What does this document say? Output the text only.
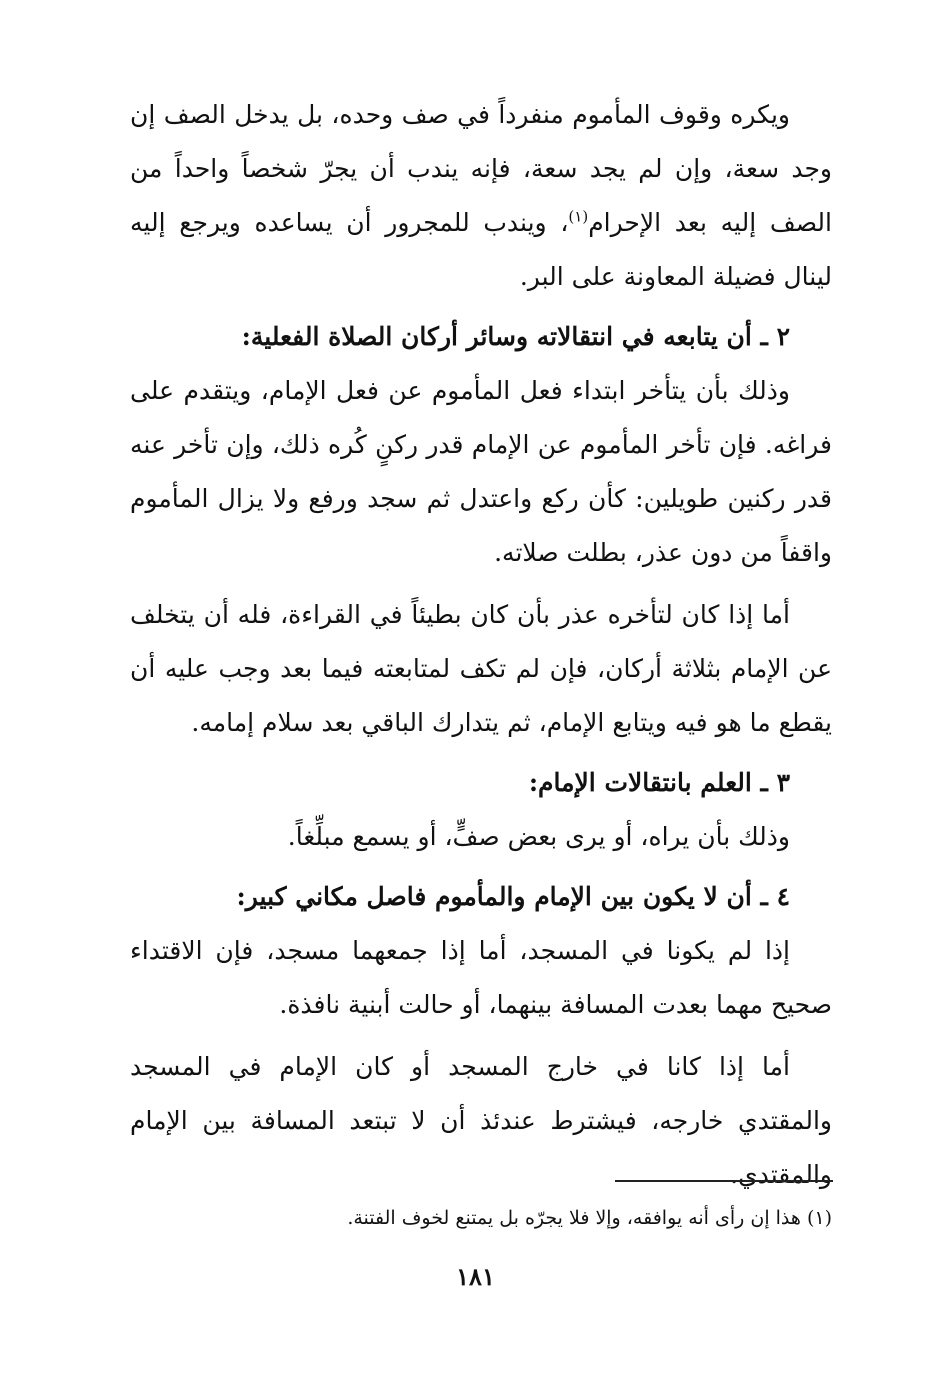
ويكره وقوف المأموم منفرداً في صف وحده، بل يدخل الصف إن وجد سعة، وإن لم يجد سعة، فإنه يندب أن يجرّ شخصاً واحداً من الصف إليه بعد الإحرام$^{(١)}$، ويندب للمجرور أن يساعده ويرجع إليه لينال فضيلة المعاونة على البر.

٢ ـ أن يتابعه في انتقالاته وسائر أركان الصلاة الفعلية:

وذلك بأن يتأخر ابتداء فعل المأموم عن فعل الإمام، ويتقدم على فراغه. فإن تأخر المأموم عن الإمام قدر ركنٍ كُره ذلك، وإن تأخر عنه قدر ركنين طويلين: كأن ركع واعتدل ثم سجد ورفع ولا يزال المأموم واقفاً من دون عذر، بطلت صلاته.

أما إذا كان لتأخره عذر بأن كان بطيئاً في القراءة، فله أن يتخلف عن الإمام بثلاثة أركان، فإن لم تكف لمتابعته فيما بعد وجب عليه أن يقطع ما هو فيه ويتابع الإمام، ثم يتدارك الباقي بعد سلام إمامه.

٣ ـ العلم بانتقالات الإمام:

وذلك بأن يراه، أو يرى بعض صفٍّ، أو يسمع مبلِّغاً.

٤ ـ أن لا يكون بين الإمام والمأموم فاصل مكاني كبير:

إذا لم يكونا في المسجد، أما إذا جمعهما مسجد، فإن الاقتداء صحيح مهما بعدت المسافة بينهما، أو حالت أبنية نافذة.

أما إذا كانا في خارج المسجد أو كان الإمام في المسجد والمقتدي خارجه، فيشترط عندئذ أن لا تبتعد المسافة بين الإمام والمقتدي.

(١) هذا إن رأى أنه يوافقه، وإلا فلا يجرّه بل يمتنع لخوف الفتنة.

١٨١
